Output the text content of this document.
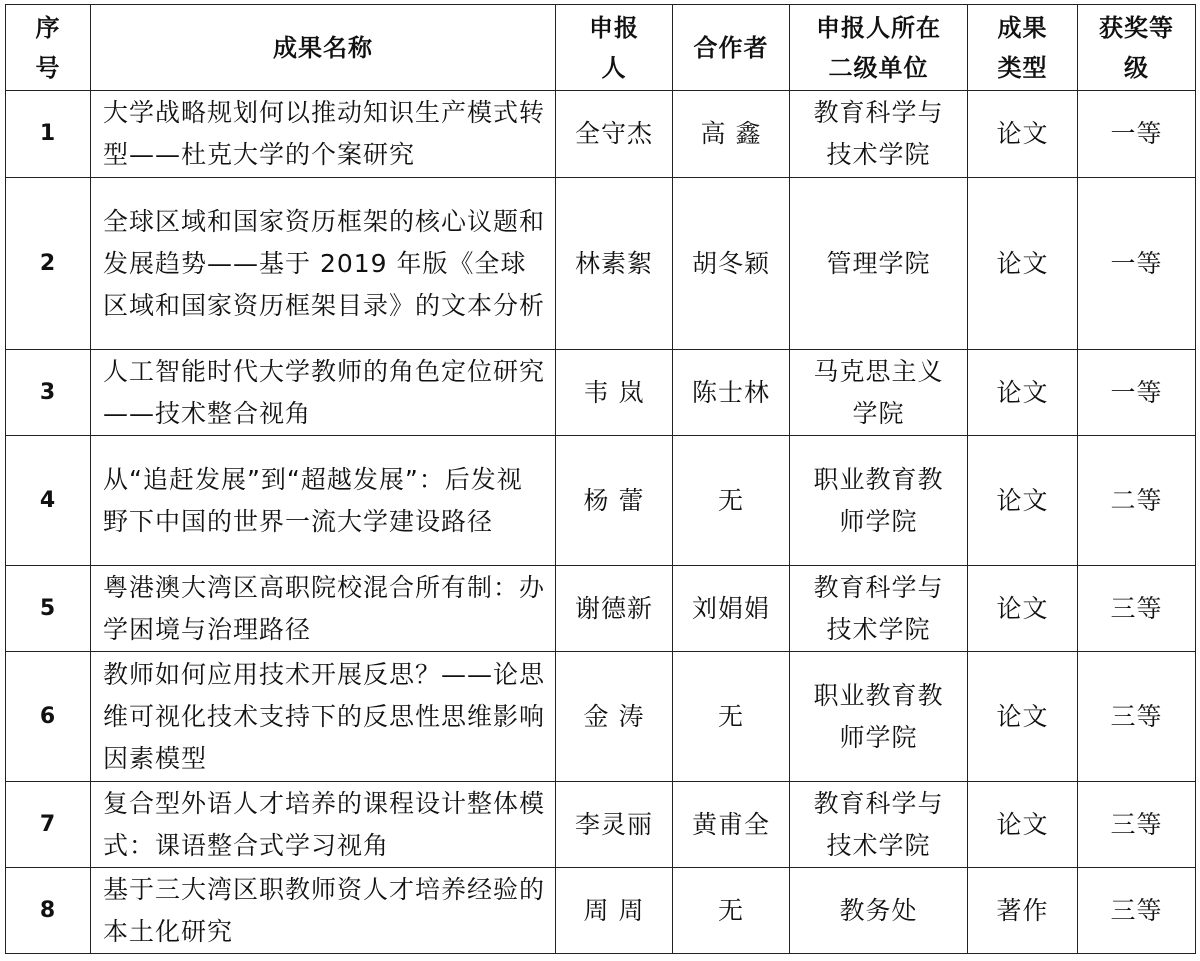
序号	成果名称	申报人	合作者	申报人所在二级单位	成果类型	获奖等级
1	大学战略规划何以推动知识生产模式转型——杜克大学的个案研究	全守杰	高 鑫	教育科学与技术学院	论文	一等
2	全球区域和国家资历框架的核心议题和发展趋势——基于 2019 年版《全球区域和国家资历框架目录》的文本分析	林素絮	胡冬颖	管理学院	论文	一等
3	人工智能时代大学教师的角色定位研究——技术整合视角	韦 岚	陈士林	马克思主义学院	论文	一等
4	从“追赶发展”到“超越发展”：后发视野下中国的世界一流大学建设路径	杨 蕾	无	职业教育教师学院	论文	二等
5	粤港澳大湾区高职院校混合所有制：办学困境与治理路径	谢德新	刘娟娟	教育科学与技术学院	论文	三等
6	教师如何应用技术开展反思？——论思维可视化技术支持下的反思性思维影响因素模型	金 涛	无	职业教育教师学院	论文	三等
7	复合型外语人才培养的课程设计整体模式：课语整合式学习视角	李灵丽	黄甫全	教育科学与技术学院	论文	三等
8	基于三大湾区职教师资人才培养经验的本土化研究	周 周	无	教务处	著作	三等
